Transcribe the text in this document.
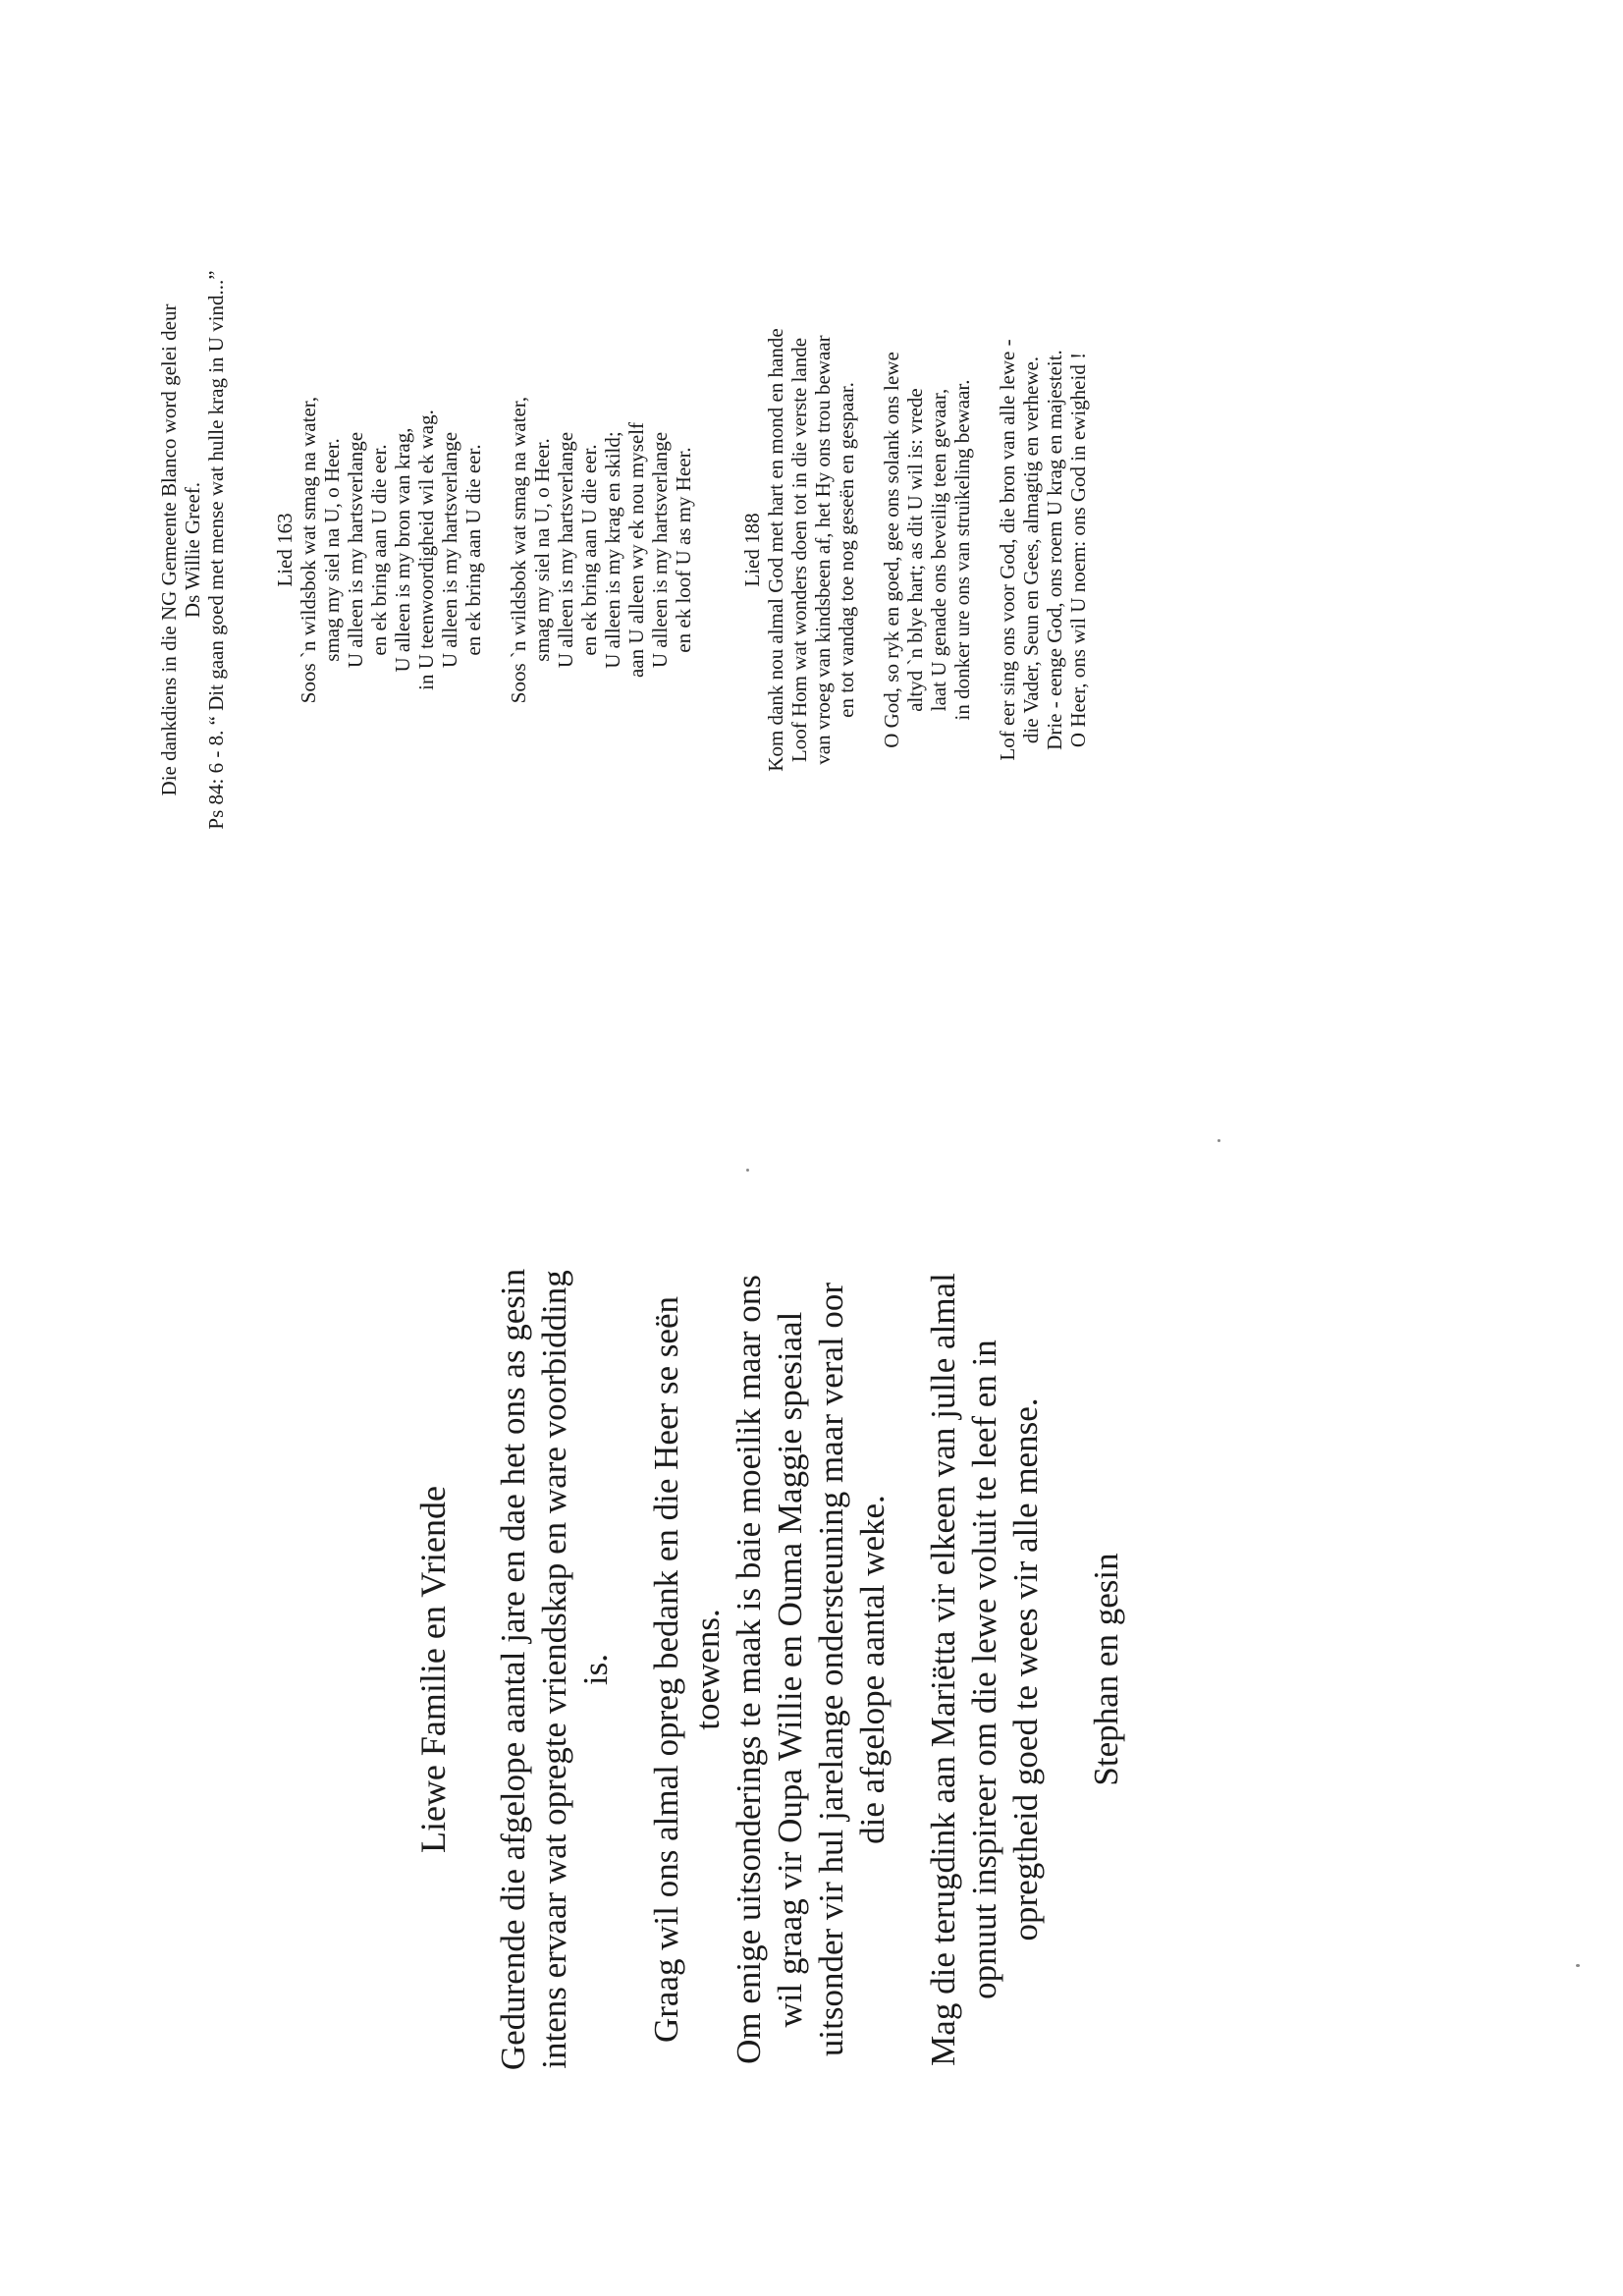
Liewe Familie en Vriende Gedurende die afgelope aantal jare en dae het ons as gesin intens ervaar wat opregte vriendskap en ware voorbidding is. Graag wil ons almal opreg bedank en die Heer se seën toewens. Om enige uitsonderings te maak is baie moeilik maar ons wil graag vir Oupa Willie en Ouma Maggie spesiaal uitsonder vir hul jarelange ondersteuning maar veral oor die afgelope aantal weke. Mag die terugdink aan Mariëtta vir elkeen van julle almal opnuut inspireer om die lewe voluit te leef en in opregtheid goed te wees vir alle mense. Stephan en gesin
Die dankdiens in die NG Gemeente Blanco word gelei deur Ds Willie Greef. Ps 84: 6 - 8. “ Dit gaan goed met mense wat hulle krag in U vind...” Lied 163 Soos `n wildsbok wat smag na water, smag my siel na U, o Heer. U alleen is my hartsverlange en ek bring aan U die eer. U alleen is my bron van krag, in U teenwoordigheid wil ek wag. U alleen is my hartsverlange en ek bring aan U die eer. Soos `n wildsbok wat smag na water, smag my siel na U, o Heer. U alleen is my hartsverlange en ek bring aan U die eer. U alleen is my krag en skild; aan U alleen wy ek nou myself U alleen is my hartsverlange en ek loof U as my Heer. Lied 188 Kom dank nou almal God met hart en mond en hande Loof Hom wat wonders doen tot in die verste lande van vroeg van kindsbeen af, het Hy ons trou bewaar en tot vandag toe nog geseën en gespaar. O God, so ryk en goed, gee ons solank ons lewe altyd `n blye hart; as dit U wil is: vrede laat U genade ons beveilig teen gevaar, in donker ure ons van struikeling bewaar. Lof eer sing ons voor God, die bron van alle lewe - die Vader, Seun en Gees, almagtig en verhewe. Drie - eenge God, ons roem U krag en majesteit. O Heer, ons wil U noem: ons God in ewigheid !
